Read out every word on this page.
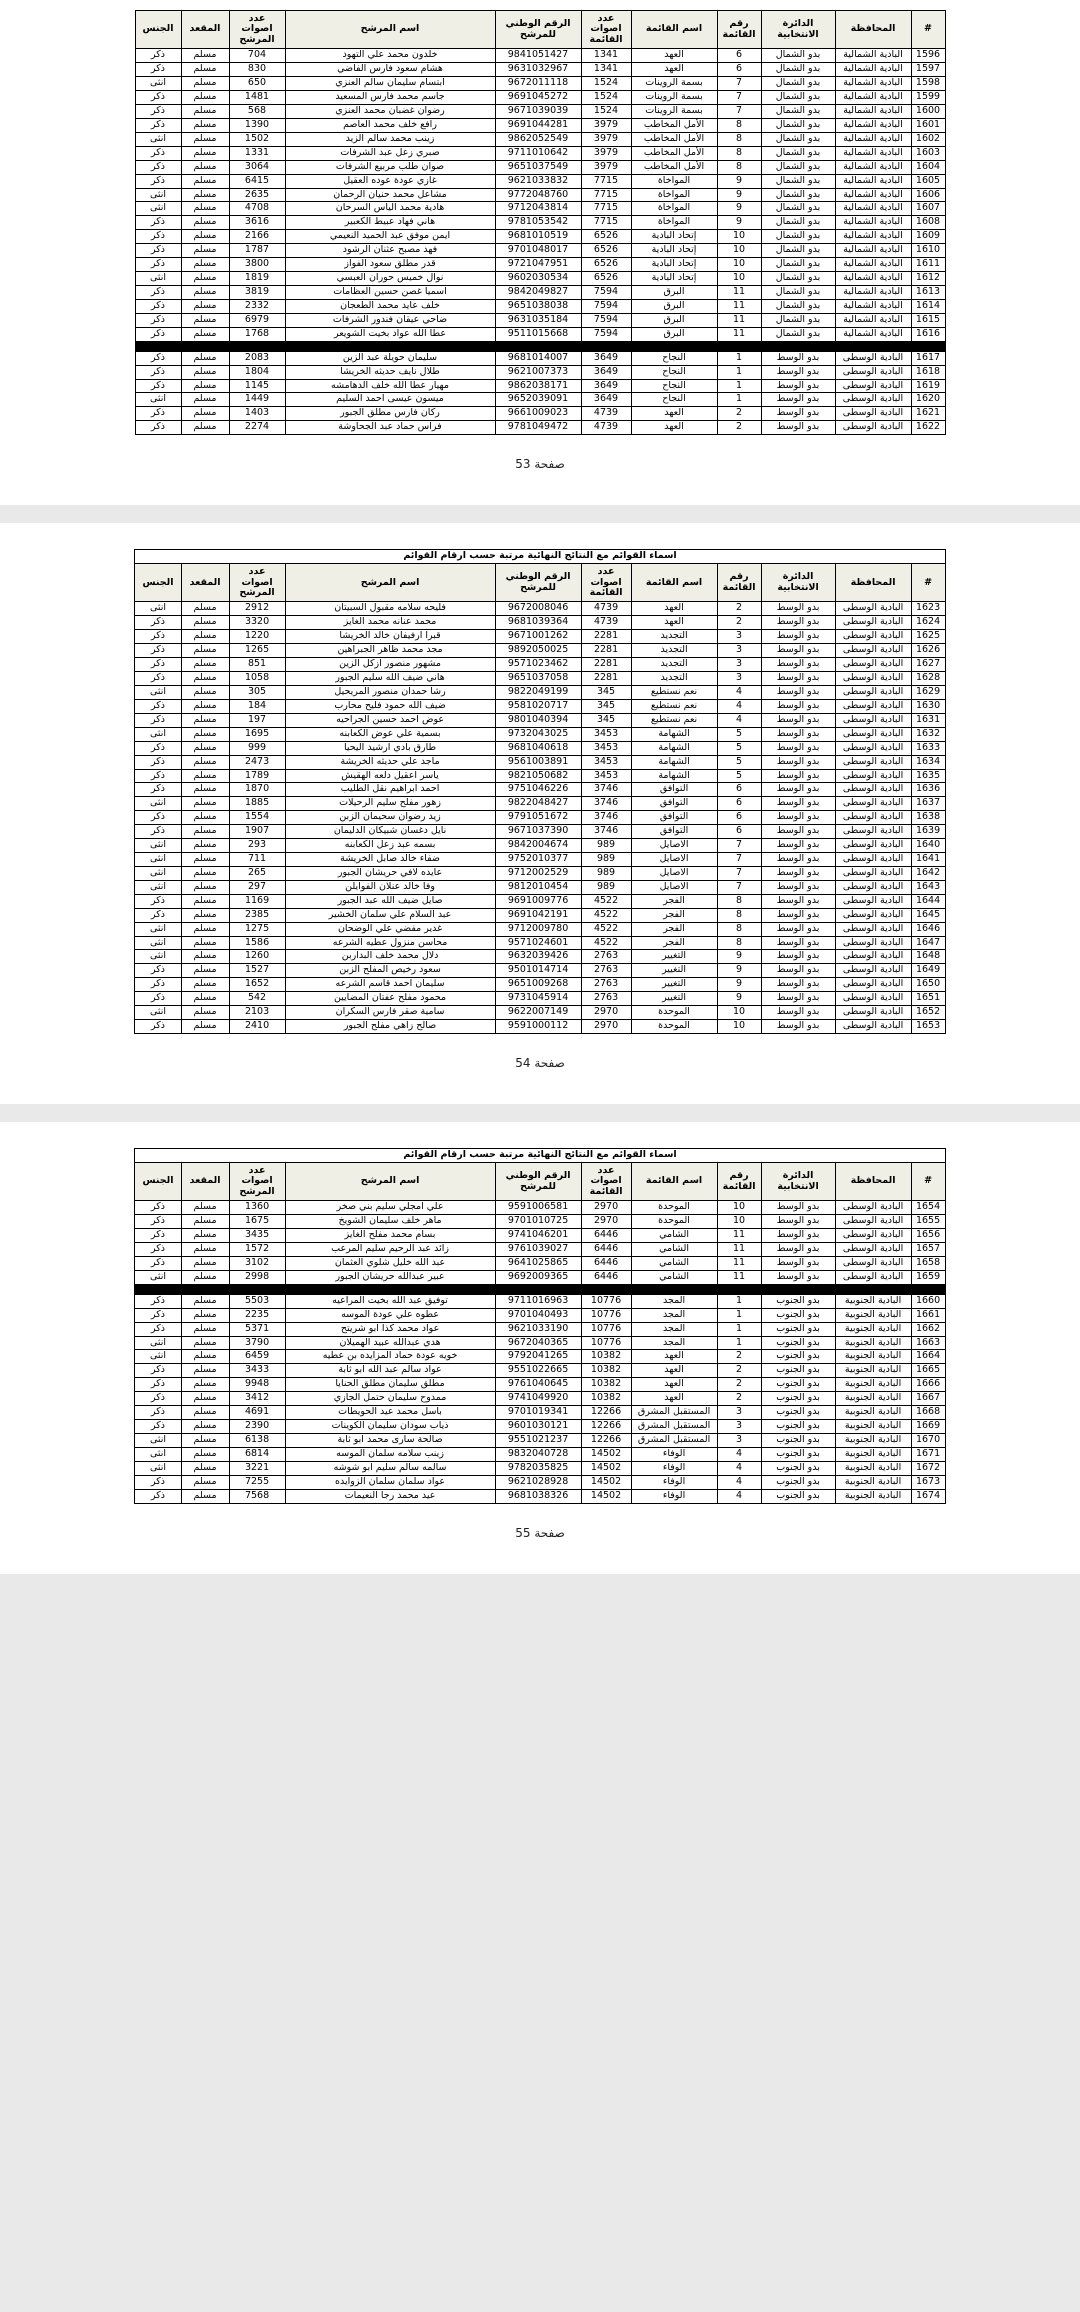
#	المحافظة	الدائرة الانتخابية	رقم القائمة	اسم القائمة	عدد اصوات القائمة	الرقم الوطني للمرشح	اسم المرشح	عدد اصوات المرشح	المقعد	الجنس
1596	البادية الشمالية	بدو الشمال	6	العهد	1341	9841051427	خلدون محمد علي التهود	704	مسلم	ذكر
1597	البادية الشمالية	بدو الشمال	6	العهد	1341	9631032967	هشام سعود فارس الفاضي	830	مسلم	ذكر
1598	البادية الشمالية	بدو الشمال	7	بسمة الروينات	1524	9672011118	ابتسام سليمان سالم العنزي	650	مسلم	انثى
1599	البادية الشمالية	بدو الشمال	7	بسمة الروينات	1524	9691045272	جاسم محمد فارس المسعيد	1481	مسلم	ذكر
1600	البادية الشمالية	بدو الشمال	7	بسمة الروينات	1524	9671039039	رضوان غضبان محمد العنزي	568	مسلم	ذكر
1601	البادية الشمالية	بدو الشمال	8	الأمل المخاطب	3979	9691044281	رافع خلف محمد العاصم	1390	مسلم	ذكر
1602	البادية الشمالية	بدو الشمال	8	الأمل المخاطب	3979	9862052549	زينب محمد سالم الزيد	1502	مسلم	انثى
1603	البادية الشمالية	بدو الشمال	8	الأمل المخاطب	3979	9711010642	صبري زعل عبد الشرفات	1331	مسلم	ذكر
1604	البادية الشمالية	بدو الشمال	8	الأمل المخاطب	3979	9651037549	صوان طلب مربيع الشرفات	3064	مسلم	ذكر
1605	البادية الشمالية	بدو الشمال	9	المواخاة	7715	9621033832	غازي عودة عوده العقيل	6415	مسلم	ذكر
1606	البادية الشمالية	بدو الشمال	9	المواخاة	7715	9772048760	مشاعل محمد حنيان الرحمان	2635	مسلم	انثى
1607	البادية الشمالية	بدو الشمال	9	المواخاة	7715	9712043814	هادية محمد الياس السرحان	4708	مسلم	انثى
1608	البادية الشمالية	بدو الشمال	9	المواخاة	7715	9781053542	هاني فهاد عبيط الكعبير	3616	مسلم	ذكر
1609	البادية الشمالية	بدو الشمال	10	إتحاد البادية	6526	9681010519	ايمن موفق عبد الحميد النعيمي	2166	مسلم	ذكر
1610	البادية الشمالية	بدو الشمال	10	إتحاد البادية	6526	9701048017	فهد مصبح عثنان الرشود	1787	مسلم	ذكر
1611	البادية الشمالية	بدو الشمال	10	إتحاد البادية	6526	9721047951	قدر مطلق سعود الفواز	3800	مسلم	ذكر
1612	البادية الشمالية	بدو الشمال	10	إتحاد البادية	6526	9602030534	نوال خميس حوران العبسي	1819	مسلم	انثى
1613	البادية الشمالية	بدو الشمال	11	البرق	7594	9842049827	اسميا غصن حسين العظامات	3819	مسلم	ذكر
1614	البادية الشمالية	بدو الشمال	11	البرق	7594	9651038038	خلف عايد محمد الطعجان	2332	مسلم	ذكر
1615	البادية الشمالية	بدو الشمال	11	البرق	7594	9631035184	ضاحي عيقان فندور الشرفات	6979	مسلم	ذكر
1616	البادية الشمالية	بدو الشمال	11	البرق	7594	9511015668	عطا الله عواد بخيت الشويعر	1768	مسلم	ذكر

1617	البادية الوسطى	بدو الوسط	1	النجاح	3649	9681014007	سليمان حويلة عبد الزين	2083	مسلم	ذكر
1618	البادية الوسطى	بدو الوسط	1	النجاح	3649	9621007373	طلال نايف حديثه الخريشا	1804	مسلم	ذكر
1619	البادية الوسطى	بدو الوسط	1	النجاح	3649	9862038171	مهيار عطا الله خلف الدهامشه	1145	مسلم	ذكر
1620	البادية الوسطى	بدو الوسط	1	النجاح	3649	9652039091	ميسون عيسى احمد السليم	1449	مسلم	انثى
1621	البادية الوسطى	بدو الوسط	2	العهد	4739	9661009023	ركان فارس مطلق الجبور	1403	مسلم	ذكر
1622	البادية الوسطى	بدو الوسط	2	العهد	4739	9781049472	فراس حماد عبد الجحاوشة	2274	مسلم	ذكر
صفحة 53
اسماء القوائم مع النتائج النهائية مرتبة حسب ارقام القوائم										
#	المحافظة	الدائرة الانتخابية	رقم القائمة	اسم القائمة	عدد اصوات القائمة	الرقم الوطني للمرشح	اسم المرشح	عدد اصوات المرشح	المقعد	الجنس
1623	البادية الوسطى	بدو الوسط	2	العهد	4739	9672008046	فليحه سلامه مقبول السبيتان	2912	مسلم	انثى
1624	البادية الوسطى	بدو الوسط	2	العهد	4739	9681039364	محمد عنانه محمد الغايز	3320	مسلم	ذكر
1625	البادية الوسطى	بدو الوسط	3	التجديد	2281	9671001262	قبرا ارفيفان خالد الخريشا	1220	مسلم	ذكر
1626	البادية الوسطى	بدو الوسط	3	التجديد	2281	9892050025	مجد محمد ظاهر الجبراهين	1265	مسلم	ذكر
1627	البادية الوسطى	بدو الوسط	3	التجديد	2281	9571023462	مشهور منصور ازكل الزين	851	مسلم	ذكر
1628	البادية الوسطى	بدو الوسط	3	التجديد	2281	9651037058	هاني ضيف الله سليم الجبور	1058	مسلم	ذكر
1629	البادية الوسطى	بدو الوسط	4	نعم نستطيع	345	9822049199	رشا حمدان منصور المريحيل	305	مسلم	انثى
1630	البادية الوسطى	بدو الوسط	4	نعم نستطيع	345	9581020717	ضيف الله حمود فليح محارب	184	مسلم	ذكر
1631	البادية الوسطى	بدو الوسط	4	نعم نستطيع	345	9801040394	عوض احمد حسين الجراحيه	197	مسلم	ذكر
1632	البادية الوسطى	بدو الوسط	5	الشهامة	3453	9732043025	بسمية علي عوض الكعابنه	1695	مسلم	انثى
1633	البادية الوسطى	بدو الوسط	5	الشهامة	3453	9681040618	طارق بادي ارشيد اليحيا	999	مسلم	ذكر
1634	البادية الوسطى	بدو الوسط	5	الشهامة	3453	9561003891	ماجد علي حديثه الخريشة	2473	مسلم	ذكر
1635	البادية الوسطى	بدو الوسط	5	الشهامة	3453	9821050682	ياسر اعقيل دلعه الهقيش	1789	مسلم	ذكر
1636	البادية الوسطى	بدو الوسط	6	التوافق	3746	9751046226	احمد ابراهيم نقل الطليب	1870	مسلم	ذكر
1637	البادية الوسطى	بدو الوسط	6	التوافق	3746	9822048427	زهور مفلح سليم الرحيلات	1885	مسلم	انثى
1638	البادية الوسطى	بدو الوسط	6	التوافق	3746	9791051672	زيد رضوان سحيمان الزبن	1554	مسلم	ذكر
1639	البادية الوسطى	بدو الوسط	6	التوافق	3746	9671037390	نايل دغسان شبيكان الدليمان	1907	مسلم	ذكر
1640	البادية الوسطى	بدو الوسط	7	الاصايل	989	9842004674	بسمه عبد زعل الكعابنه	293	مسلم	انثى
1641	البادية الوسطى	بدو الوسط	7	الاصايل	989	9752010377	ضفاء خالد صابل الخريشة	711	مسلم	انثى
1642	البادية الوسطى	بدو الوسط	7	الاصايل	989	9712002529	عايده لافي حريشان الجبور	265	مسلم	انثى
1643	البادية الوسطى	بدو الوسط	7	الاصايل	989	9812010454	وفا خالد عنلان الفوايلن	297	مسلم	انثى
1644	البادية الوسطى	بدو الوسط	8	الفجر	4522	9691009776	صايل ضيف الله عبد الجبور	1169	مسلم	ذكر
1645	البادية الوسطى	بدو الوسط	8	الفجر	4522	9691042191	عبد السلام علي سلمان الخشير	2385	مسلم	ذكر
1646	البادية الوسطى	بدو الوسط	8	الفجر	4522	9712009780	غدير مفضي علي الوضحان	1275	مسلم	انثى
1647	البادية الوسطى	بدو الوسط	8	الفجر	4522	9571024601	محاسن منزول عطيه الشرعه	1586	مسلم	انثى
1648	البادية الوسطى	بدو الوسط	9	التغيير	2763	9632039426	دلال محمد خلف البداربن	1260	مسلم	انثى
1649	البادية الوسطى	بدو الوسط	9	التغيير	2763	9501014714	سعود رخيص المفلح الزبن	1527	مسلم	ذكر
1650	البادية الوسطى	بدو الوسط	9	التغيير	2763	9651009268	سليمان احمد قاسم الشرعه	1652	مسلم	ذكر
1651	البادية الوسطى	بدو الوسط	9	التغيير	2763	9731045914	محمود مفلح عفتان المضايين	542	مسلم	ذكر
1652	البادية الوسطى	بدو الوسط	10	الموحدة	2970	9622007149	سامية صقر فارس السكران	2103	مسلم	انثى
1653	البادية الوسطى	بدو الوسط	10	الموحدة	2970	9591000112	صالح زاهي مفلح الجبور	2410	مسلم	ذكر
صفحة 54
اسماء القوائم مع النتائج النهائية مرتبة حسب ارقام القوائم										
#	المحافظة	الدائرة الانتخابية	رقم القائمة	اسم القائمة	عدد اصوات القائمة	الرقم الوطني للمرشح	اسم المرشح	عدد اصوات المرشح	المقعد	الجنس
1654	البادية الوسطى	بدو الوسط	10	الموحدة	2970	9591006581	علي امجلي سليم بني صخر	1360	مسلم	ذكر
1655	البادية الوسطى	بدو الوسط	10	الموحدة	2970	9701010725	ماهر خلف سليمان الشويخ	1675	مسلم	ذكر
1656	البادية الوسطى	بدو الوسط	11	الشامي	6446	9741046201	بسام محمد مفلح الغايز	3435	مسلم	ذكر
1657	البادية الوسطى	بدو الوسط	11	الشامي	6446	9761039027	زائد عبد الرحيم سليم المرعب	1572	مسلم	ذكر
1658	البادية الوسطى	بدو الوسط	11	الشامي	6446	9641025865	عبد الله خليل شلوي العثمان	3102	مسلم	ذكر
1659	البادية الوسطى	بدو الوسط	11	الشامي	6446	9692009365	عبير عبدالله حريشان الجبور	2998	مسلم	انثى

1660	البادية الجنوبية	بدو الجنوب	1	المجد	10776	9711016963	توفيق عبد الله بخيت المراعيه	5503	مسلم	ذكر
1661	البادية الجنوبية	بدو الجنوب	1	المجد	10776	9701040493	عطوه علي عودة الموسه	2235	مسلم	ذكر
1662	البادية الجنوبية	بدو الجنوب	1	المجد	10776	9621033190	عواد محمد كذا ابو شريتح	5371	مسلم	ذكر
1663	البادية الجنوبية	بدو الجنوب	1	المجد	10776	9672040365	هدي عبدالله عبيد الهميلان	3790	مسلم	انثى
1664	البادية الجنوبية	بدو الجنوب	2	العهد	10382	9792041265	خويه عودة حماد المزايده بن عطيه	6459	مسلم	انثى
1665	البادية الجنوبية	بدو الجنوب	2	العهد	10382	9551022665	عواد سالم عبد الله ابو ثابة	3433	مسلم	ذكر
1666	البادية الجنوبية	بدو الجنوب	2	العهد	10382	9761040645	مطلق سليمان مطلق الحنايا	9948	مسلم	ذكر
1667	البادية الجنوبية	بدو الجنوب	2	العهد	10382	9741049920	ممدوح سليمان حتمل الجازي	3412	مسلم	ذكر
1668	البادية الجنوبية	بدو الجنوب	3	المستقبل المشرق	12266	9701019341	باسل محمد عيد الحويطات	4691	مسلم	ذكر
1669	البادية الجنوبية	بدو الجنوب	3	المستقبل المشرق	12266	9601030121	ذياب سودان سليمان الكوينات	2390	مسلم	ذكر
1670	البادية الجنوبية	بدو الجنوب	3	المستقبل المشرق	12266	9551021237	صالحة سارى محمد ابو ثابة	6138	مسلم	انثى
1671	البادية الجنوبية	بدو الجنوب	4	الوفاء	14502	9832040728	زينب سلامه سلمان الموسه	6814	مسلم	انثى
1672	البادية الجنوبية	بدو الجنوب	4	الوفاء	14502	9782035825	سالمه سالم سليم ابو شوشه	3221	مسلم	انثى
1673	البادية الجنوبية	بدو الجنوب	4	الوفاء	14502	9621028928	عواد سلمان سلمان الزوايده	7255	مسلم	ذكر
1674	البادية الجنوبية	بدو الجنوب	4	الوفاء	14502	9681038326	عيد محمد رجا النعيمات	7568	مسلم	ذكر
صفحة 55
